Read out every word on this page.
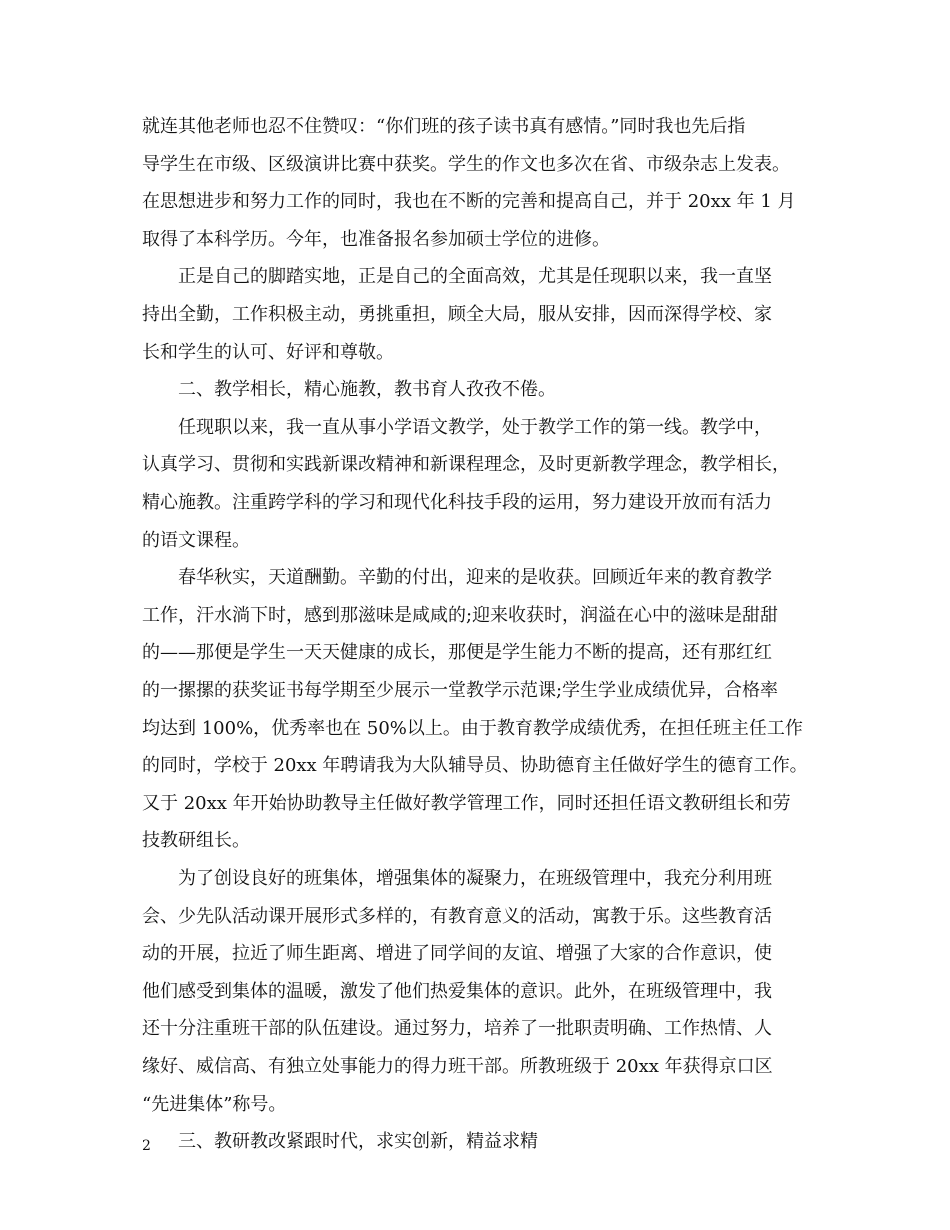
就连其他老师也忍不住赞叹：“你们班的孩子读书真有感情。”同时我也先后指
导学生在市级、区级演讲比赛中获奖。学生的作文也多次在省、市级杂志上发表。
在思想进步和努力工作的同时，我也在不断的完善和提高自己，并于 20xx 年 1 月
取得了本科学历。今年，也准备报名参加硕士学位的进修。
正是自己的脚踏实地，正是自己的全面高效，尤其是任现职以来，我一直坚
持出全勤，工作积极主动，勇挑重担，顾全大局，服从安排，因而深得学校、家
长和学生的认可、好评和尊敬。
二、教学相长，精心施教，教书育人孜孜不倦。
任现职以来，我一直从事小学语文教学，处于教学工作的第一线。教学中，
认真学习、贯彻和实践新课改精神和新课程理念，及时更新教学理念，教学相长，
精心施教。注重跨学科的学习和现代化科技手段的运用，努力建设开放而有活力
的语文课程。
春华秋实，天道酬勤。辛勤的付出，迎来的是收获。回顾近年来的教育教学
工作，汗水淌下时，感到那滋味是咸咸的;迎来收获时，润溢在心中的滋味是甜甜
的——那便是学生一天天健康的成长，那便是学生能力不断的提高，还有那红红
的一摞摞的获奖证书每学期至少展示一堂教学示范课;学生学业成绩优异，合格率
均达到 100%，优秀率也在 50%以上。由于教育教学成绩优秀，在担任班主任工作
的同时，学校于 20xx 年聘请我为大队辅导员、协助德育主任做好学生的德育工作。
又于 20xx 年开始协助教导主任做好教学管理工作，同时还担任语文教研组长和劳
技教研组长。
为了创设良好的班集体，增强集体的凝聚力，在班级管理中，我充分利用班
会、少先队活动课开展形式多样的，有教育意义的活动，寓教于乐。这些教育活
动的开展，拉近了师生距离、增进了同学间的友谊、增强了大家的合作意识，使
他们感受到集体的温暖，激发了他们热爱集体的意识。此外，在班级管理中，我
还十分注重班干部的队伍建设。通过努力，培养了一批职责明确、工作热情、人
缘好、威信高、有独立处事能力的得力班干部。所教班级于 20xx 年获得京口区
“先进集体”称号。
三、教研教改紧跟时代，求实创新，精益求精
2
